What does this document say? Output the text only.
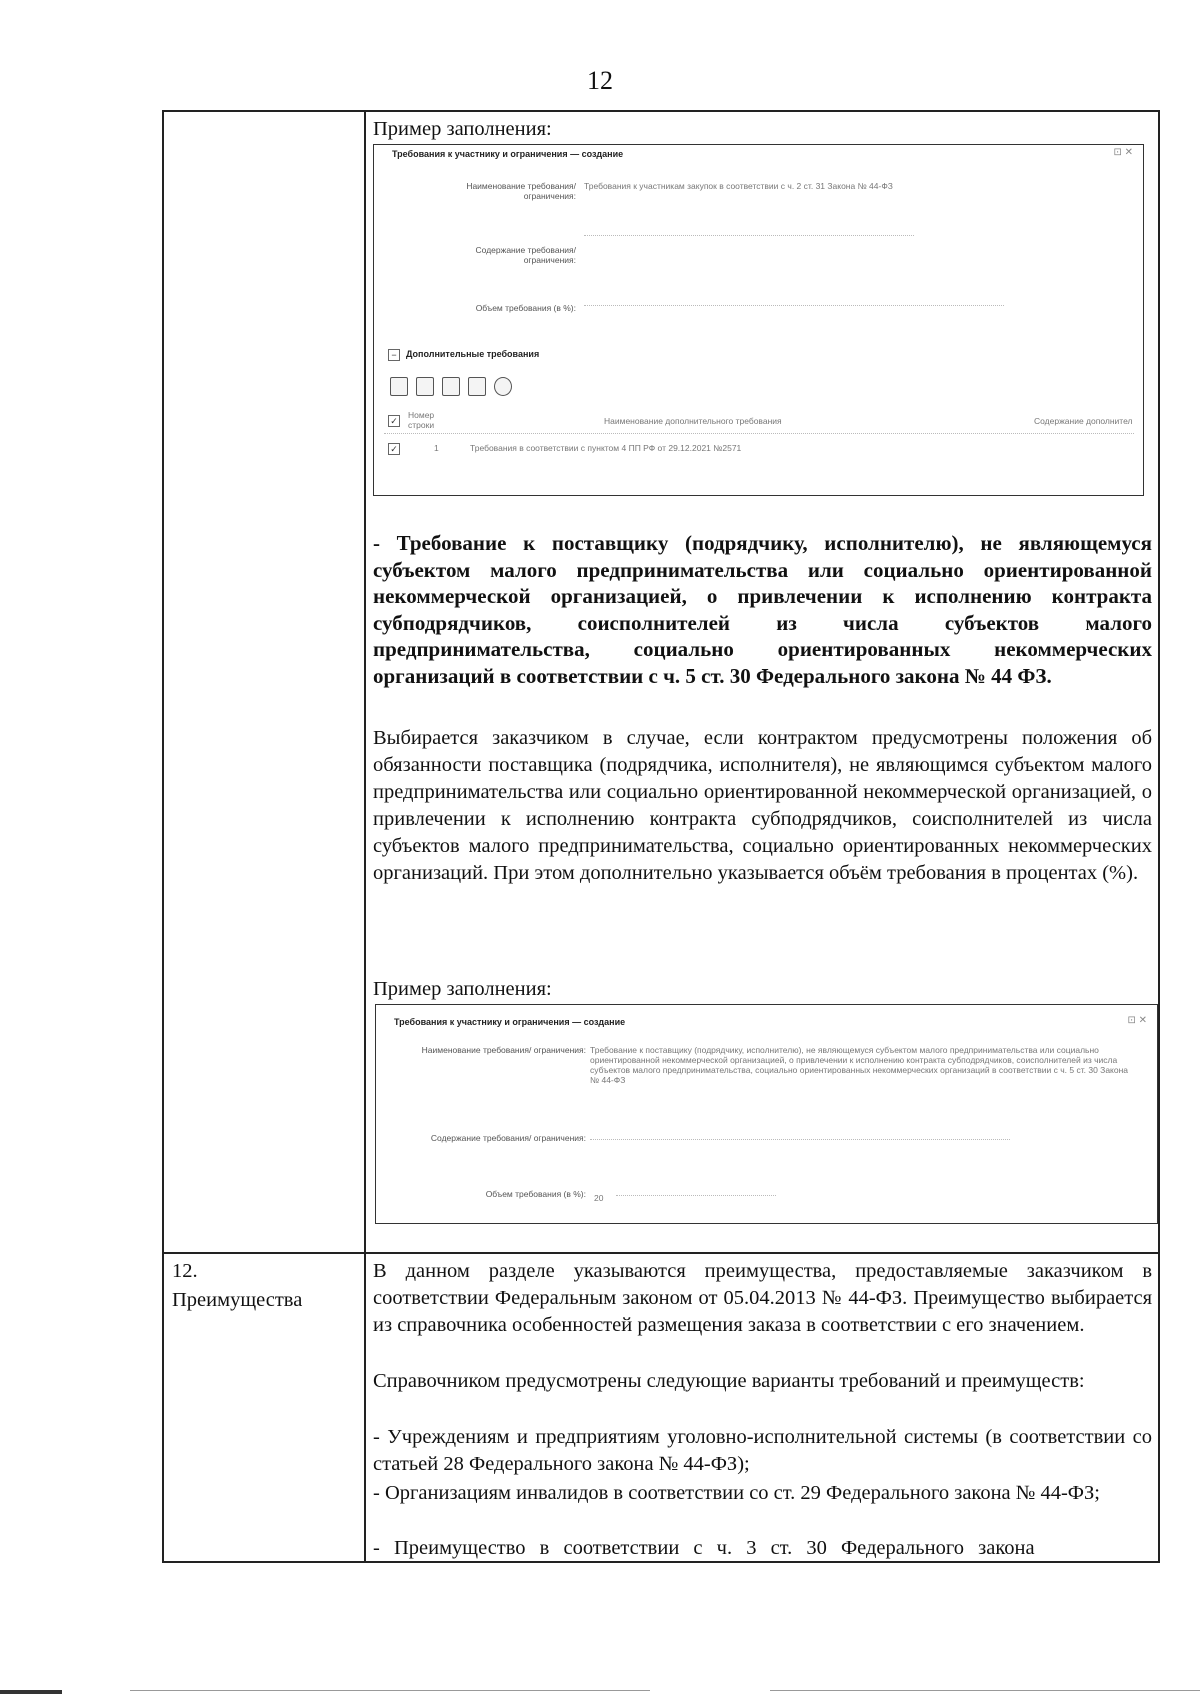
12
Пример заполнения:
Требования к участнику и ограничения — создание	⊡ ✕
Наименование требования/ ограничения:
Требования к участникам закупок в соответствии с ч. 2 ст. 31 Закона № 44-ФЗ
Содержание требования/ ограничения:
Объем требования (в %):
−	Дополнительные требования
✓
Номер строки	Наименование дополнительного требования	Содержание дополнител
✓	1	Требования в соответствии с пунктом 4 ПП РФ от 29.12.2021 №2571
- Требование к поставщику (подрядчику, исполнителю), не являющемуся субъектом малого предпринимательства или социально ориентированной некоммерческой организацией, о привлечении к исполнению контракта субподрядчиков, соисполнителей из числа субъектов малого предпринимательства, социально ориентированных некоммерческих организаций в соответствии с ч. 5 ст. 30 Федерального закона № 44 ФЗ.
Выбирается заказчиком в случае, если контрактом предусмотрены положения об обязанности поставщика (подрядчика, исполнителя), не являющимся субъектом малого предпринимательства или социально ориентированной некоммерческой организацией, о привлечении к исполнению контракта субподрядчиков, соисполнителей из числа субъектов малого предпринимательства, социально ориентированных некоммерческих организаций. При этом дополнительно указывается объём требования в процентах (%).
Пример заполнения:
Требования к участнику и ограничения — создание	⊡ ✕
Наименование требования/ ограничения: Требование к поставщику (подрядчику, исполнителю), не являющемуся субъектом малого предпринимательства или социально ориентированной некоммерческой организацией, о привлечении к исполнению контракта субподрядчиков, соисполнителей из числа субъектов малого предпринимательства, социально ориентированных некоммерческих организаций в соответствии с ч. 5 ст. 30 Закона № 44-ФЗ
Содержание требования/ ограничения:
Объем требования (в %): 20
12.
Преимущества
В данном разделе указываются преимущества, предоставляемые заказчиком в соответствии Федеральным законом от 05.04.2013 № 44-ФЗ. Преимущество выбирается из справочника особенностей размещения заказа в соответствии с его значением.
Справочником предусмотрены следующие варианты требований и преимуществ:
- Учреждениям и предприятиям уголовно-исполнительной системы (в соответствии со статьей 28 Федерального закона № 44-ФЗ);
- Организациям инвалидов в соответствии со ст. 29 Федерального закона № 44-ФЗ;
- Преимущество в соответствии с ч. 3 ст. 30 Федерального закона
